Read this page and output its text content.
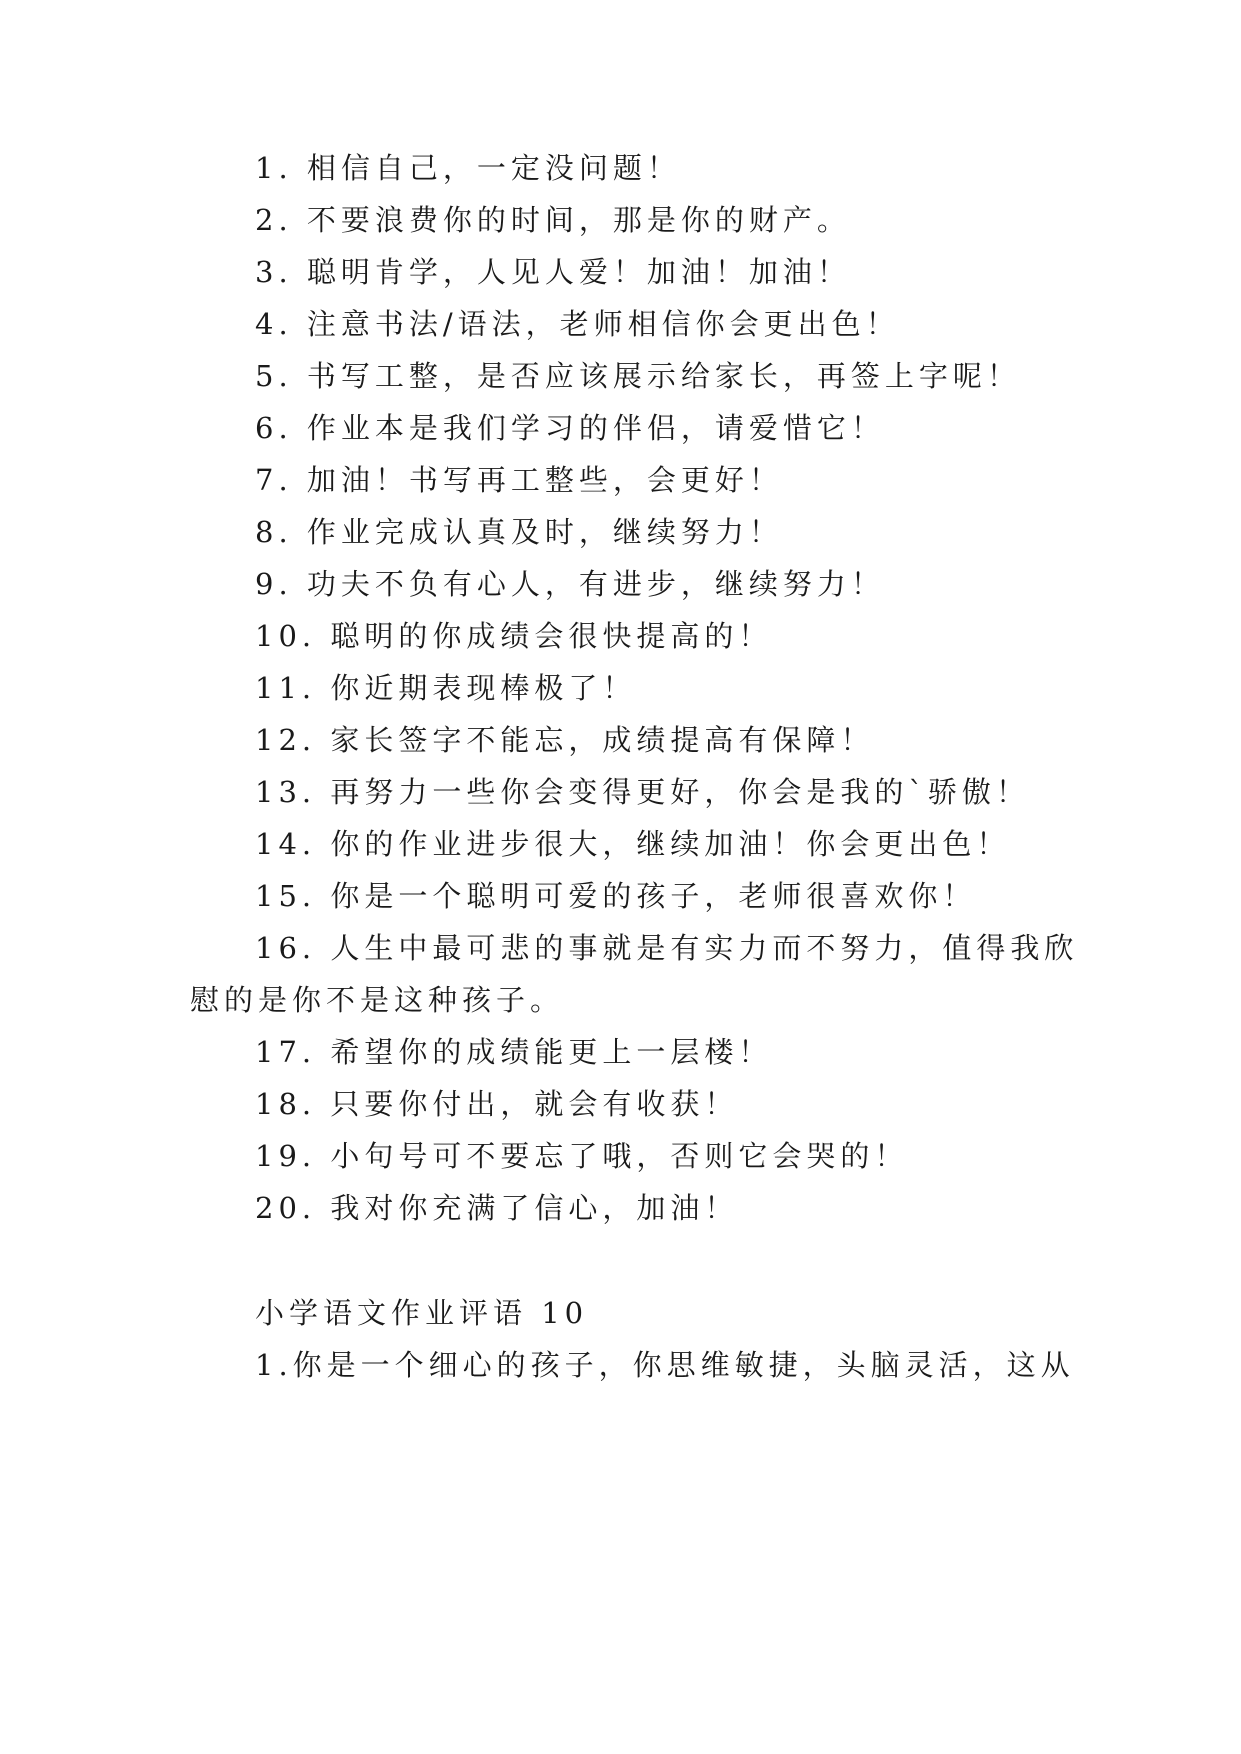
1. 相信自己，一定没问题！
2. 不要浪费你的时间，那是你的财产。
3. 聪明肯学，人见人爱！加油！加油！
4. 注意书法/语法，老师相信你会更出色！
5. 书写工整，是否应该展示给家长，再签上字呢！
6. 作业本是我们学习的伴侣，请爱惜它！
7. 加油！书写再工整些，会更好！
8. 作业完成认真及时，继续努力！
9. 功夫不负有心人，有进步，继续努力！
10. 聪明的你成绩会很快提高的！
11. 你近期表现棒极了！
12. 家长签字不能忘，成绩提高有保障！
13. 再努力一些你会变得更好，你会是我的`骄傲！
14. 你的作业进步很大，继续加油！你会更出色！
15. 你是一个聪明可爱的孩子，老师很喜欢你！
16. 人生中最可悲的事就是有实力而不努力，值得我欣
慰的是你不是这种孩子。
17. 希望你的成绩能更上一层楼！
18. 只要你付出，就会有收获！
19. 小句号可不要忘了哦，否则它会哭的！
20. 我对你充满了信心，加油！
小学语文作业评语 10
1.你是一个细心的孩子，你思维敏捷，头脑灵活，这从
